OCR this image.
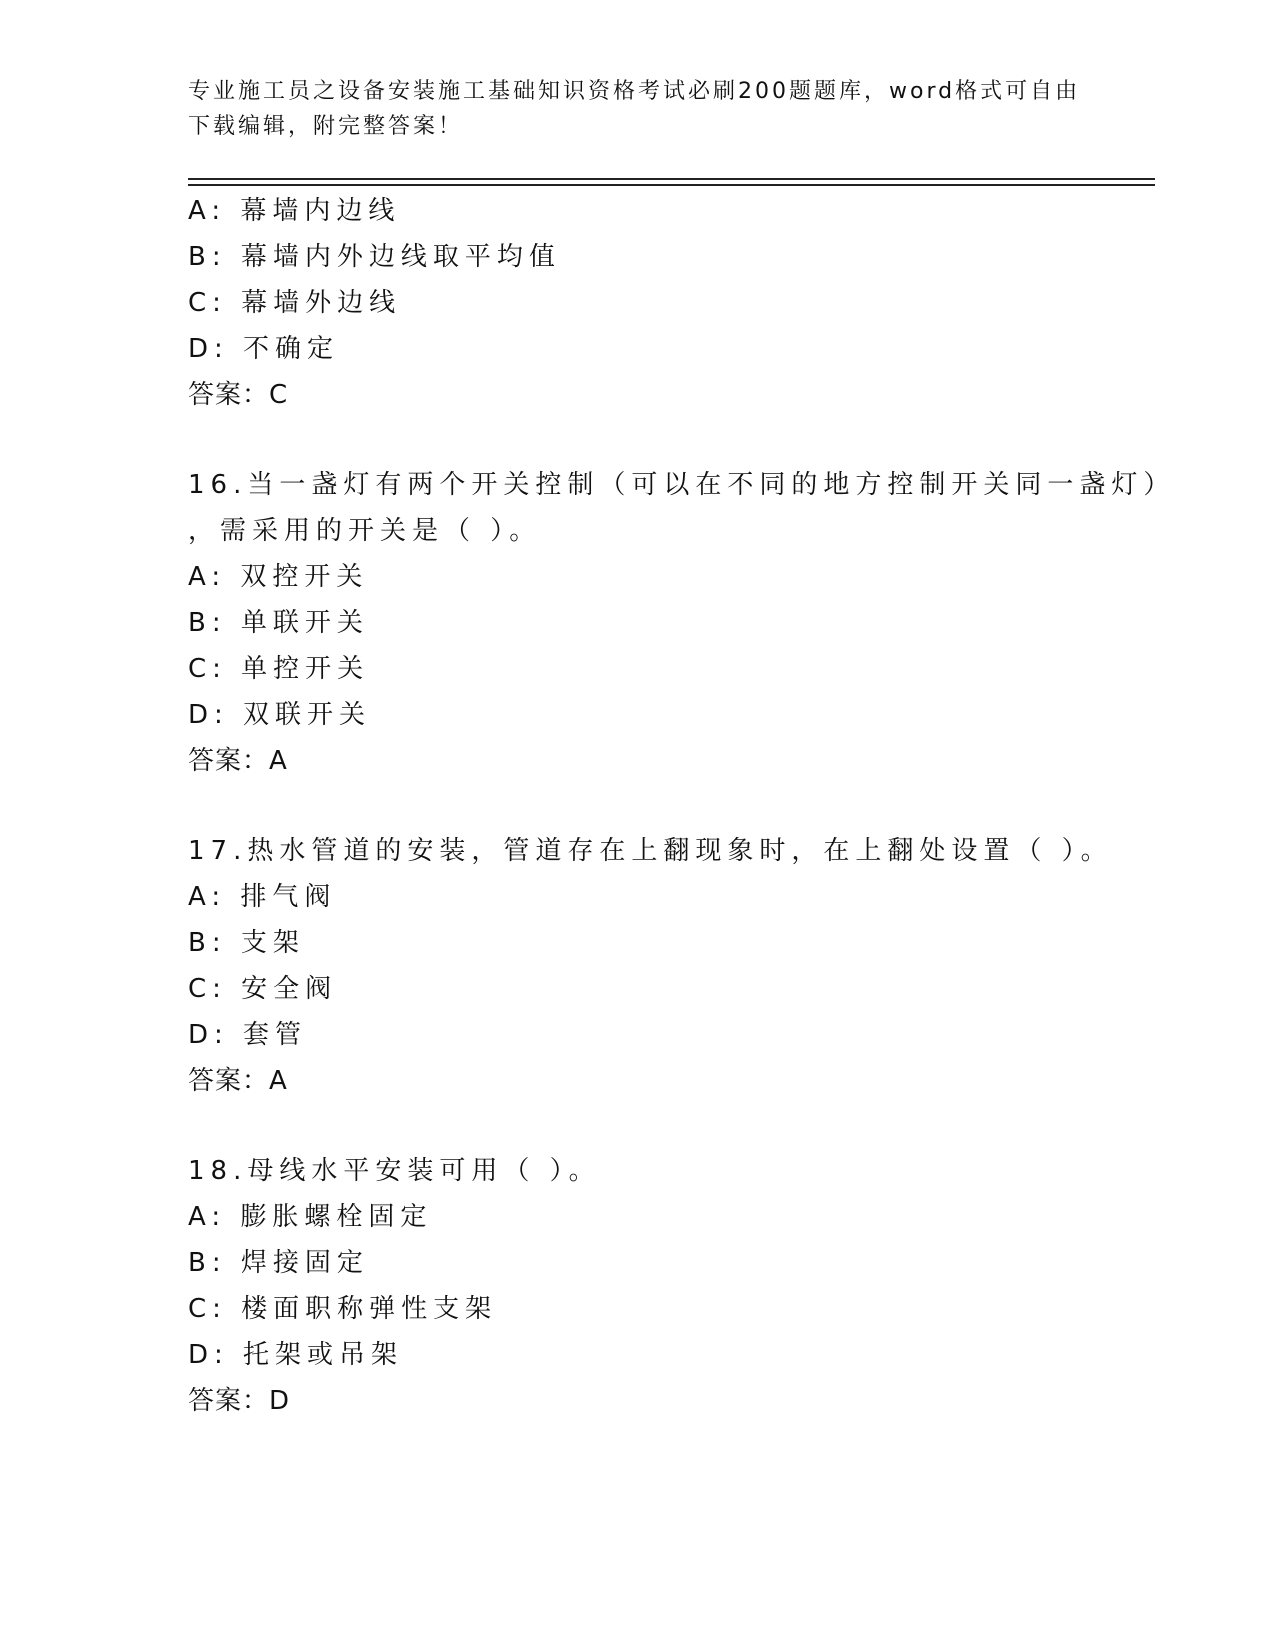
专业施工员之设备安装施工基础知识资格考试必刷200题题库，word格式可自由
下载编辑，附完整答案！
A: 幕墙内边线
B: 幕墙内外边线取平均值
C: 幕墙外边线
D: 不确定
答案：C
16.当一盏灯有两个开关控制（可以在不同的地方控制开关同一盏灯）
，需采用的开关是（ ）。
A: 双控开关
B: 单联开关
C: 单控开关
D: 双联开关
答案：A
17.热水管道的安装，管道存在上翻现象时，在上翻处设置（ ）。
A: 排气阀
B: 支架
C: 安全阀
D: 套管
答案：A
18.母线水平安装可用（ ）。
A: 膨胀螺栓固定
B: 焊接固定
C: 楼面职称弹性支架
D: 托架或吊架
答案：D
